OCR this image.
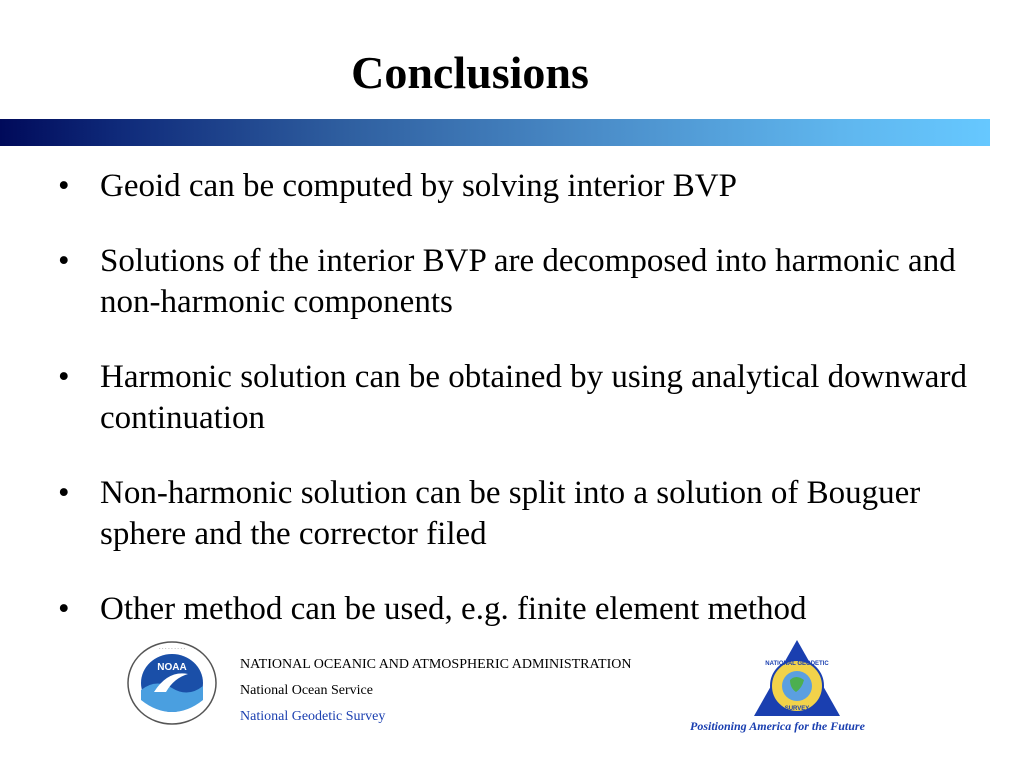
Conclusions
• Geoid can be computed by solving interior BVP
• Solutions of the interior BVP are decomposed into harmonic and non-harmonic components
• Harmonic solution can be obtained by using analytical downward continuation
• Non-harmonic solution can be split into a solution of Bouguer sphere and the corrector filed
• Other method can be used, e.g. finite element method
NOAA
· · · · · · · · ·
NATIONAL OCEANIC AND ATMOSPHERIC ADMINISTRATION
National Ocean Service
National Geodetic Survey
NATIONAL GEODETIC
SURVEY
Positioning America for the Future
